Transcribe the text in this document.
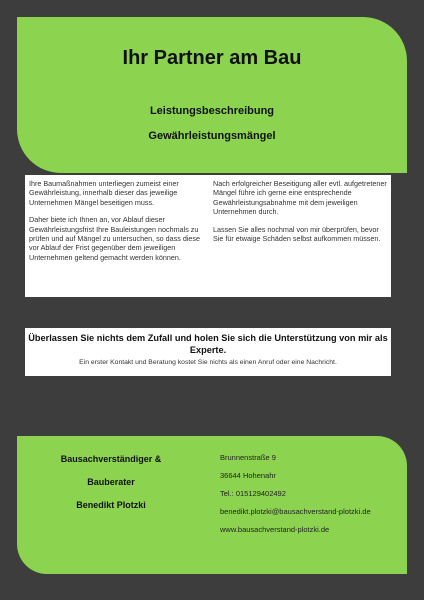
Ihr Partner am Bau
Leistungsbeschreibung
Gewährleistungsmängel

Ihre Baumaßnahmen unterliegen zumeist einer Gewährleistung, innerhalb dieser das jeweilige Unternehmen Mängel beseitigen muss.

Daher biete ich Ihnen an, vor Ablauf dieser Gewährleistungsfrist Ihre Bauleistungen nochmals zu prüfen und auf Mängel zu untersuchen, so dass diese vor Ablauf der Frist gegenüber dem jeweiligen Unternehmen geltend gemacht werden können.

Nach erfolgreicher Beseitigung aller evtl. aufgetretener Mängel führe ich gerne eine entsprechende Gewährleistungsabnahme mit dem jeweiligen Unternehmen durch.

Lassen Sie alles nochmal von mir überprüfen, bevor Sie für etwaige Schäden selbst aufkommen müssen.

Überlassen Sie nichts dem Zufall und holen Sie sich die Unterstützung von mir als Experte.
Ein erster Kontakt und Beratung kostet Sie nichts als einen Anruf oder eine Nachricht.
Bausachverständiger &
Bauberater
Benedikt Plotzki
Brunnenstraße 9
36644 Hohenahr
Tel.: 015129402492
benedikt.plotzki@bausachverstand-plotzki.de
www.bausachverstand-plotzki.de
